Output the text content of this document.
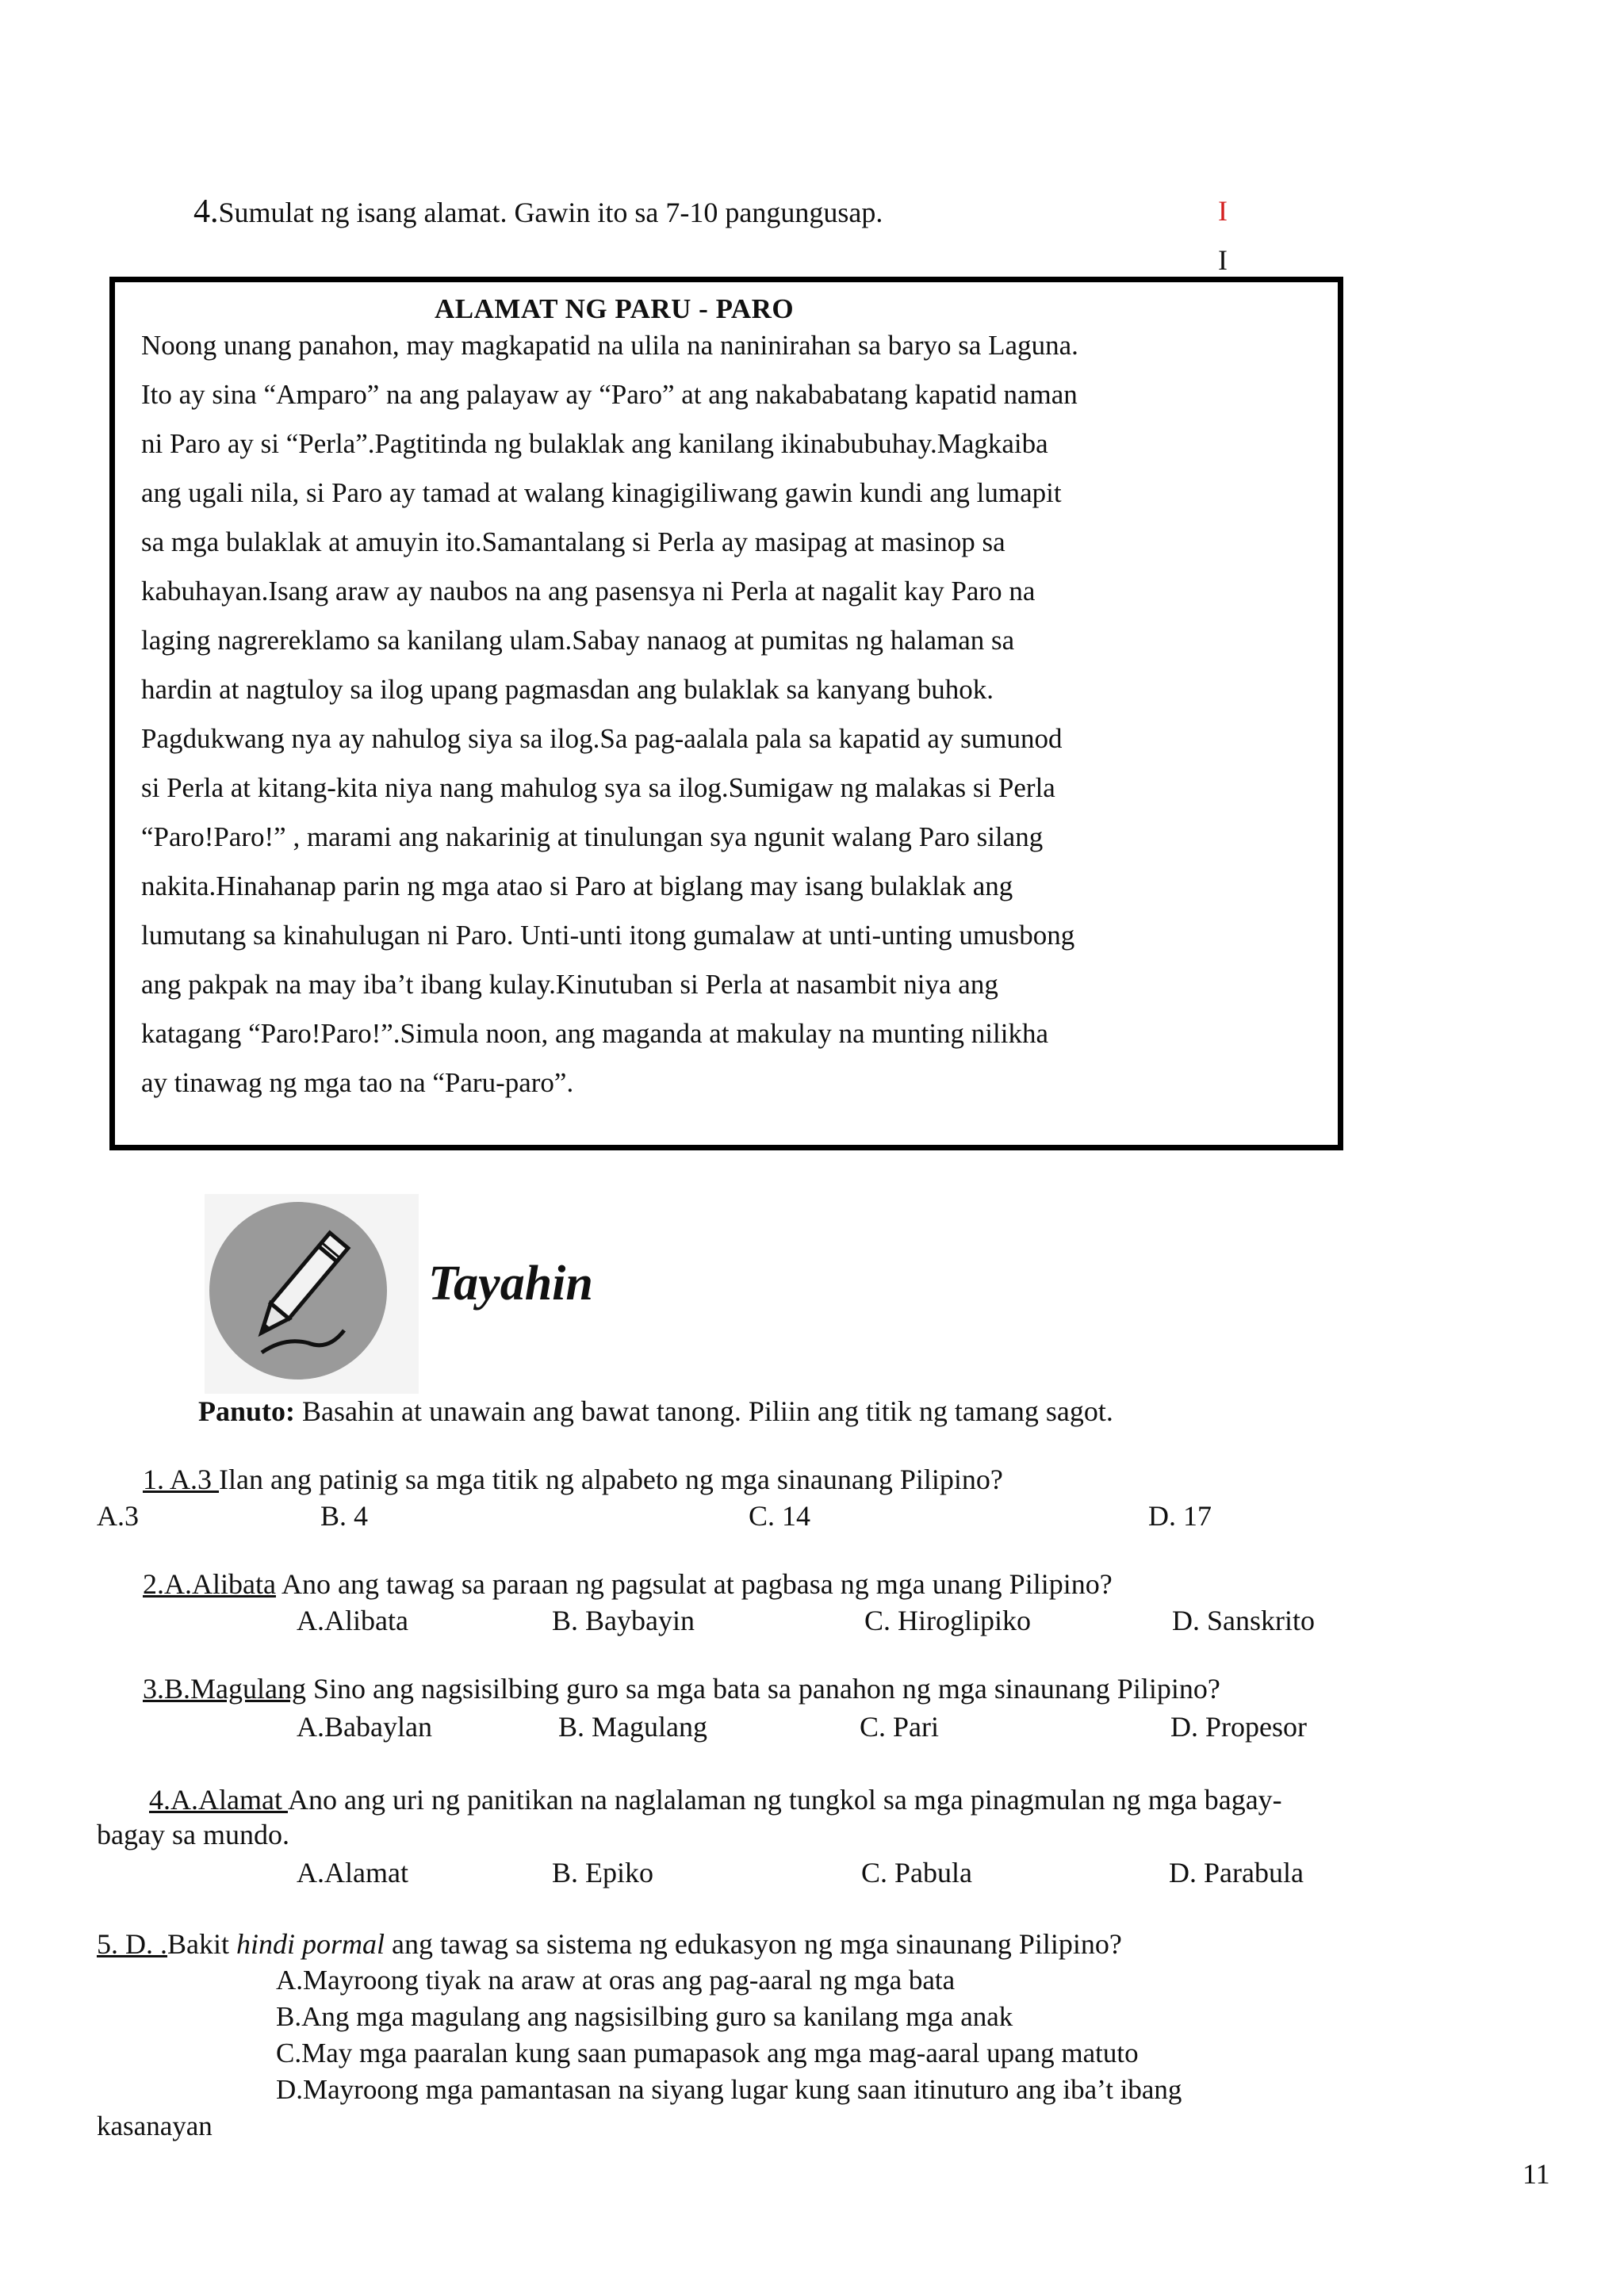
4.Sumulat ng isang alamat. Gawin ito sa 7-10 pangungusap.	I
I
ALAMAT NG PARU - PARO
Noong unang panahon, may magkapatid na ulila na naninirahan sa baryo sa Laguna.
Ito ay sina “Amparo” na ang palayaw ay “Paro” at ang nakababatang kapatid naman
ni Paro ay si “Perla”.Pagtitinda ng bulaklak ang kanilang ikinabubuhay.Magkaiba
ang ugali nila, si Paro ay tamad at walang kinagigiliwang gawin kundi ang lumapit
sa mga bulaklak at amuyin ito.Samantalang si Perla ay masipag at masinop sa
kabuhayan.Isang araw ay naubos na ang pasensya ni Perla at nagalit kay Paro na
laging nagrereklamo sa kanilang ulam.Sabay nanaog at pumitas ng halaman sa
hardin at nagtuloy sa ilog upang pagmasdan ang bulaklak sa kanyang buhok.
Pagdukwang nya ay nahulog siya sa ilog.Sa pag-aalala pala sa kapatid ay sumunod
si Perla at kitang-kita niya nang mahulog sya sa ilog.Sumigaw ng malakas si Perla
“Paro!Paro!” , marami ang nakarinig at tinulungan sya ngunit walang Paro silang
nakita.Hinahanap parin ng mga atao si Paro at biglang may isang bulaklak ang
lumutang sa kinahulugan ni Paro. Unti-unti itong gumalaw at unti-unting umusbong
ang pakpak na may iba’t ibang kulay.Kinutuban si Perla at nasambit niya ang
katagang “Paro!Paro!”.Simula noon, ang maganda at makulay na munting nilikha
ay tinawag ng mga tao na “Paru-paro”.
Tayahin
Panuto: Basahin at unawain ang bawat tanong. Piliin ang titik ng tamang sagot.
1. A.3 Ilan ang patinig sa mga titik ng alpabeto ng mga sinaunang Pilipino?
A.3	B. 4	C. 14	D. 17
2.A.Alibata Ano ang tawag sa paraan ng pagsulat at pagbasa ng mga unang Pilipino?
A.Alibata	B. Baybayin	C. Hiroglipiko	D. Sanskrito
3.B.Magulang Sino ang nagsisilbing guro sa mga bata sa panahon ng mga sinaunang Pilipino?
A.Babaylan	B. Magulang	C. Pari	D. Propesor
4.A.Alamat Ano ang uri ng panitikan na naglalaman ng tungkol sa mga pinagmulan ng mga bagay-
bagay sa mundo.
A.Alamat	B. Epiko	C. Pabula	D. Parabula
5. D. .Bakit hindi pormal ang tawag sa sistema ng edukasyon ng mga sinaunang Pilipino?
A.Mayroong tiyak na araw at oras ang pag-aaral ng mga bata
B.Ang mga magulang ang nagsisilbing guro sa kanilang mga anak
C.May mga paaralan kung saan pumapasok ang mga mag-aaral upang matuto
D.Mayroong mga pamantasan na siyang lugar kung saan itinuturo ang iba’t ibang
kasanayan
11
